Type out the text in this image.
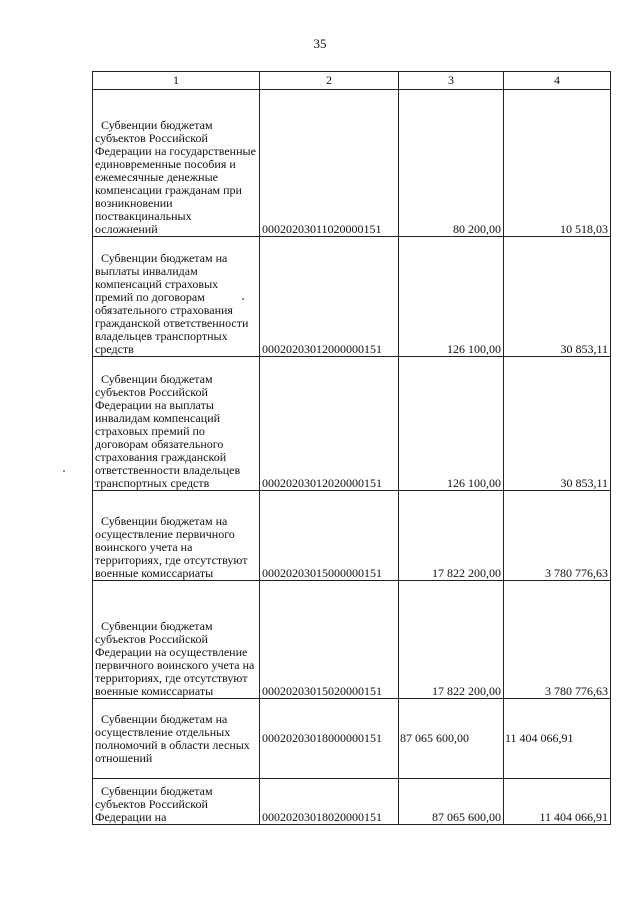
35
1	2	3	4

Субвенции бюджетам субъектов Российской Федерации на государственные единовременные пособия и ежемесячные денежные компенсации гражданам при возникновении поствакцинальных осложнений	00020203011020000151	80 200,00	10 518,03

Субвенции бюджетам на выплаты инвалидам компенсаций страховых премий по договорам обязательного страхования гражданской ответственности владельцев транспортных средств	00020203012000000151	126 100,00	30 853,11

Субвенции бюджетам субъектов Российской Федерации на выплаты инвалидам компенсаций страховых премий по договорам обязательного страхования гражданской ответственности владельцев транспортных средств	00020203012020000151	126 100,00	30 853,11

Субвенции бюджетам на осуществление первичного воинского учета на территориях, где отсутствуют военные комиссариаты	00020203015000000151	17 822 200,00	3 780 776,63

Субвенции бюджетам субъектов Российской Федерации на осуществление первичного воинского учета на территориях, где отсутствуют военные комиссариаты	00020203015020000151	17 822 200,00	3 780 776,63

Субвенции бюджетам на осуществление отдельных полномочий в области лесных отношений	00020203018000000151	87 065 600,00	11 404 066,91

Субвенции бюджетам субъектов Российской Федерации на	00020203018020000151	87 065 600,00	11 404 066,91
